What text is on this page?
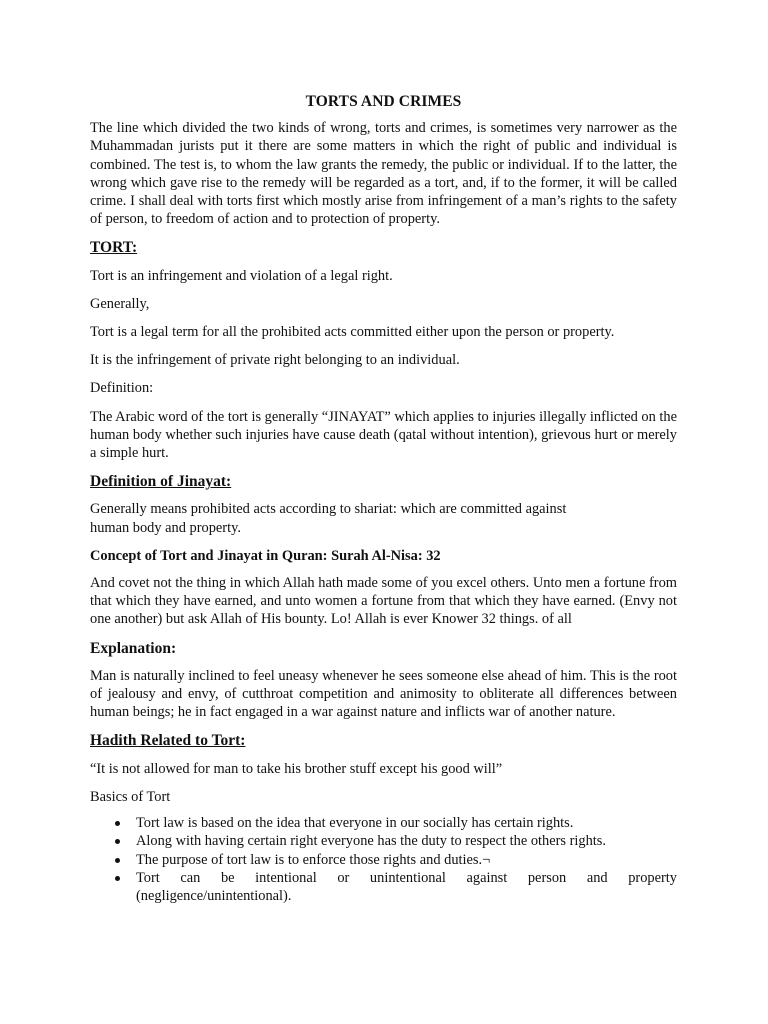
TORTS AND CRIMES

The line which divided the two kinds of wrong, torts and crimes, is sometimes very narrower as the Muhammadan jurists put it there are some matters in which the right of public and individual is combined. The test is, to whom the law grants the remedy, the public or individual. If to the latter, the wrong which gave rise to the remedy will be regarded as a tort, and, if to the former, it will be called crime. I shall deal with torts first which mostly arise from infringement of a man’s rights to the safety of person, to freedom of action and to protection of property.

TORT:

Tort is an infringement and violation of a legal right.

Generally,

Tort is a legal term for all the prohibited acts committed either upon the person or property.

It is the infringement of private right belonging to an individual.

Definition:

The Arabic word of the tort is generally “JINAYAT” which applies to injuries illegally inflicted on the human body whether such injuries have cause death (qatal without intention), grievous hurt or merely a simple hurt.

Definition of Jinayat:

Generally means prohibited acts according to shariat: which are committed against human body and property.

Concept of Tort and Jinayat in Quran: Surah Al-Nisa: 32

And covet not the thing in which Allah hath made some of you excel others. Unto men a fortune from that which they have earned, and unto women a fortune from that which they have earned. (Envy not one another) but ask Allah of His bounty. Lo! Allah is ever Knower 32 things. of all

Explanation:

Man is naturally inclined to feel uneasy whenever he sees someone else ahead of him. This is the root of jealousy and envy, of cutthroat competition and animosity to obliterate all differences between human beings; he in fact engaged in a war against nature and inflicts war of another nature.

Hadith Related to Tort:

“It is not allowed for man to take his brother stuff except his good will”

Basics of Tort

Tort law is based on the idea that everyone in our socially has certain rights.
Along with having certain right everyone has the duty to respect the others rights.
The purpose of tort law is to enforce those rights and duties.¬
Tort can be intentional or unintentional against person and property (negligence/unintentional).
